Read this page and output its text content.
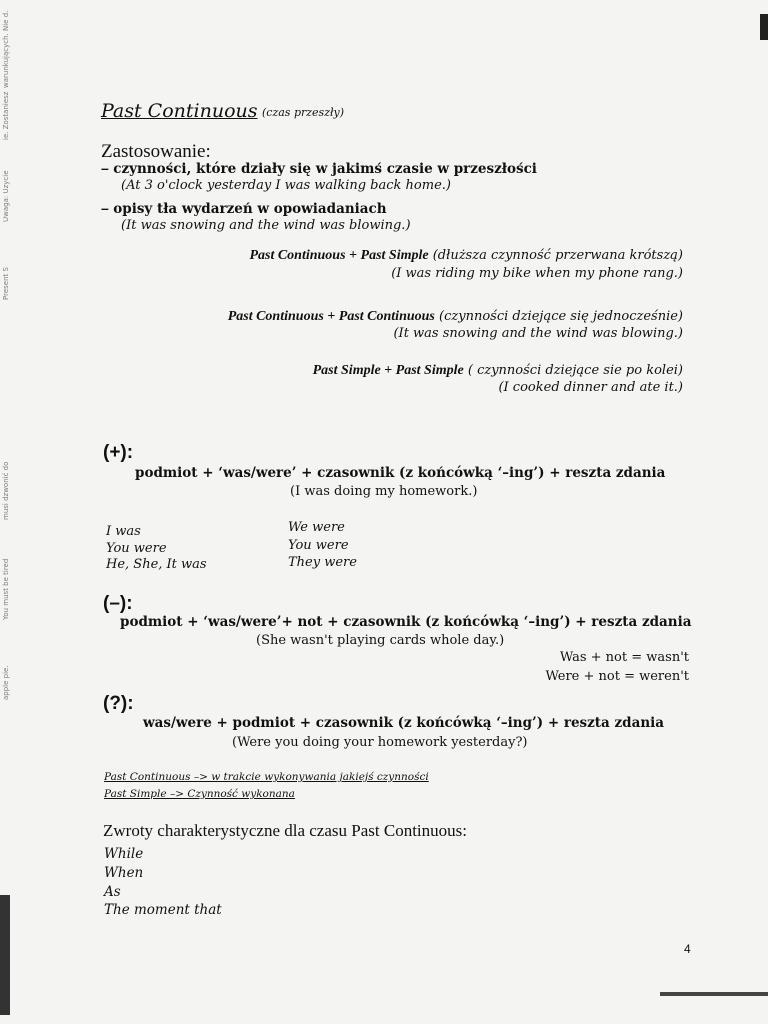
warunkujących. Nie d.
ie. Zostaniesz
Uwaga: Uzycie
Present S
musi dzwonić do
You must be tired
apple pie.
Past Continuous (czas przeszły)
Zastosowanie:
– czynności, które działy się w jakimś czasie w przeszłości
(At 3 o'clock yesterday I was walking back home.)
– opisy tła wydarzeń w opowiadaniach
(It was snowing and the wind was blowing.)
Past Continuous + Past Simple (dłuższa czynność przerwana krótszą)
(I was riding my bike when my phone rang.)
Past Continuous + Past Continuous (czynności dziejące się jednocześnie)
(It was snowing and the wind was blowing.)
Past Simple + Past Simple ( czynności dziejące sie po kolei)
(I cooked dinner and ate it.)
(+):
podmiot + ‘was/were’ + czasownik (z końcówką ‘–ing’) + reszta zdania
(I was doing my homework.)
I was
You were
He, She, It was
We were
You were
They were
(–):
podmiot + ‘was/were’+ not + czasownik (z końcówką ‘–ing’) + reszta zdania
(She wasn't playing cards whole day.)
Was + not = wasn't
Were + not = weren't
(?):
was/were + podmiot + czasownik (z końcówką ‘–ing’) + reszta zdania
(Were you doing your homework yesterday?)
Past Continuous –> w trakcie wykonywania jakiejś czynności
Past Simple –> Czynność wykonana
Zwroty charakterystyczne dla czasu Past Continuous:
While
When
As
The moment that
4
